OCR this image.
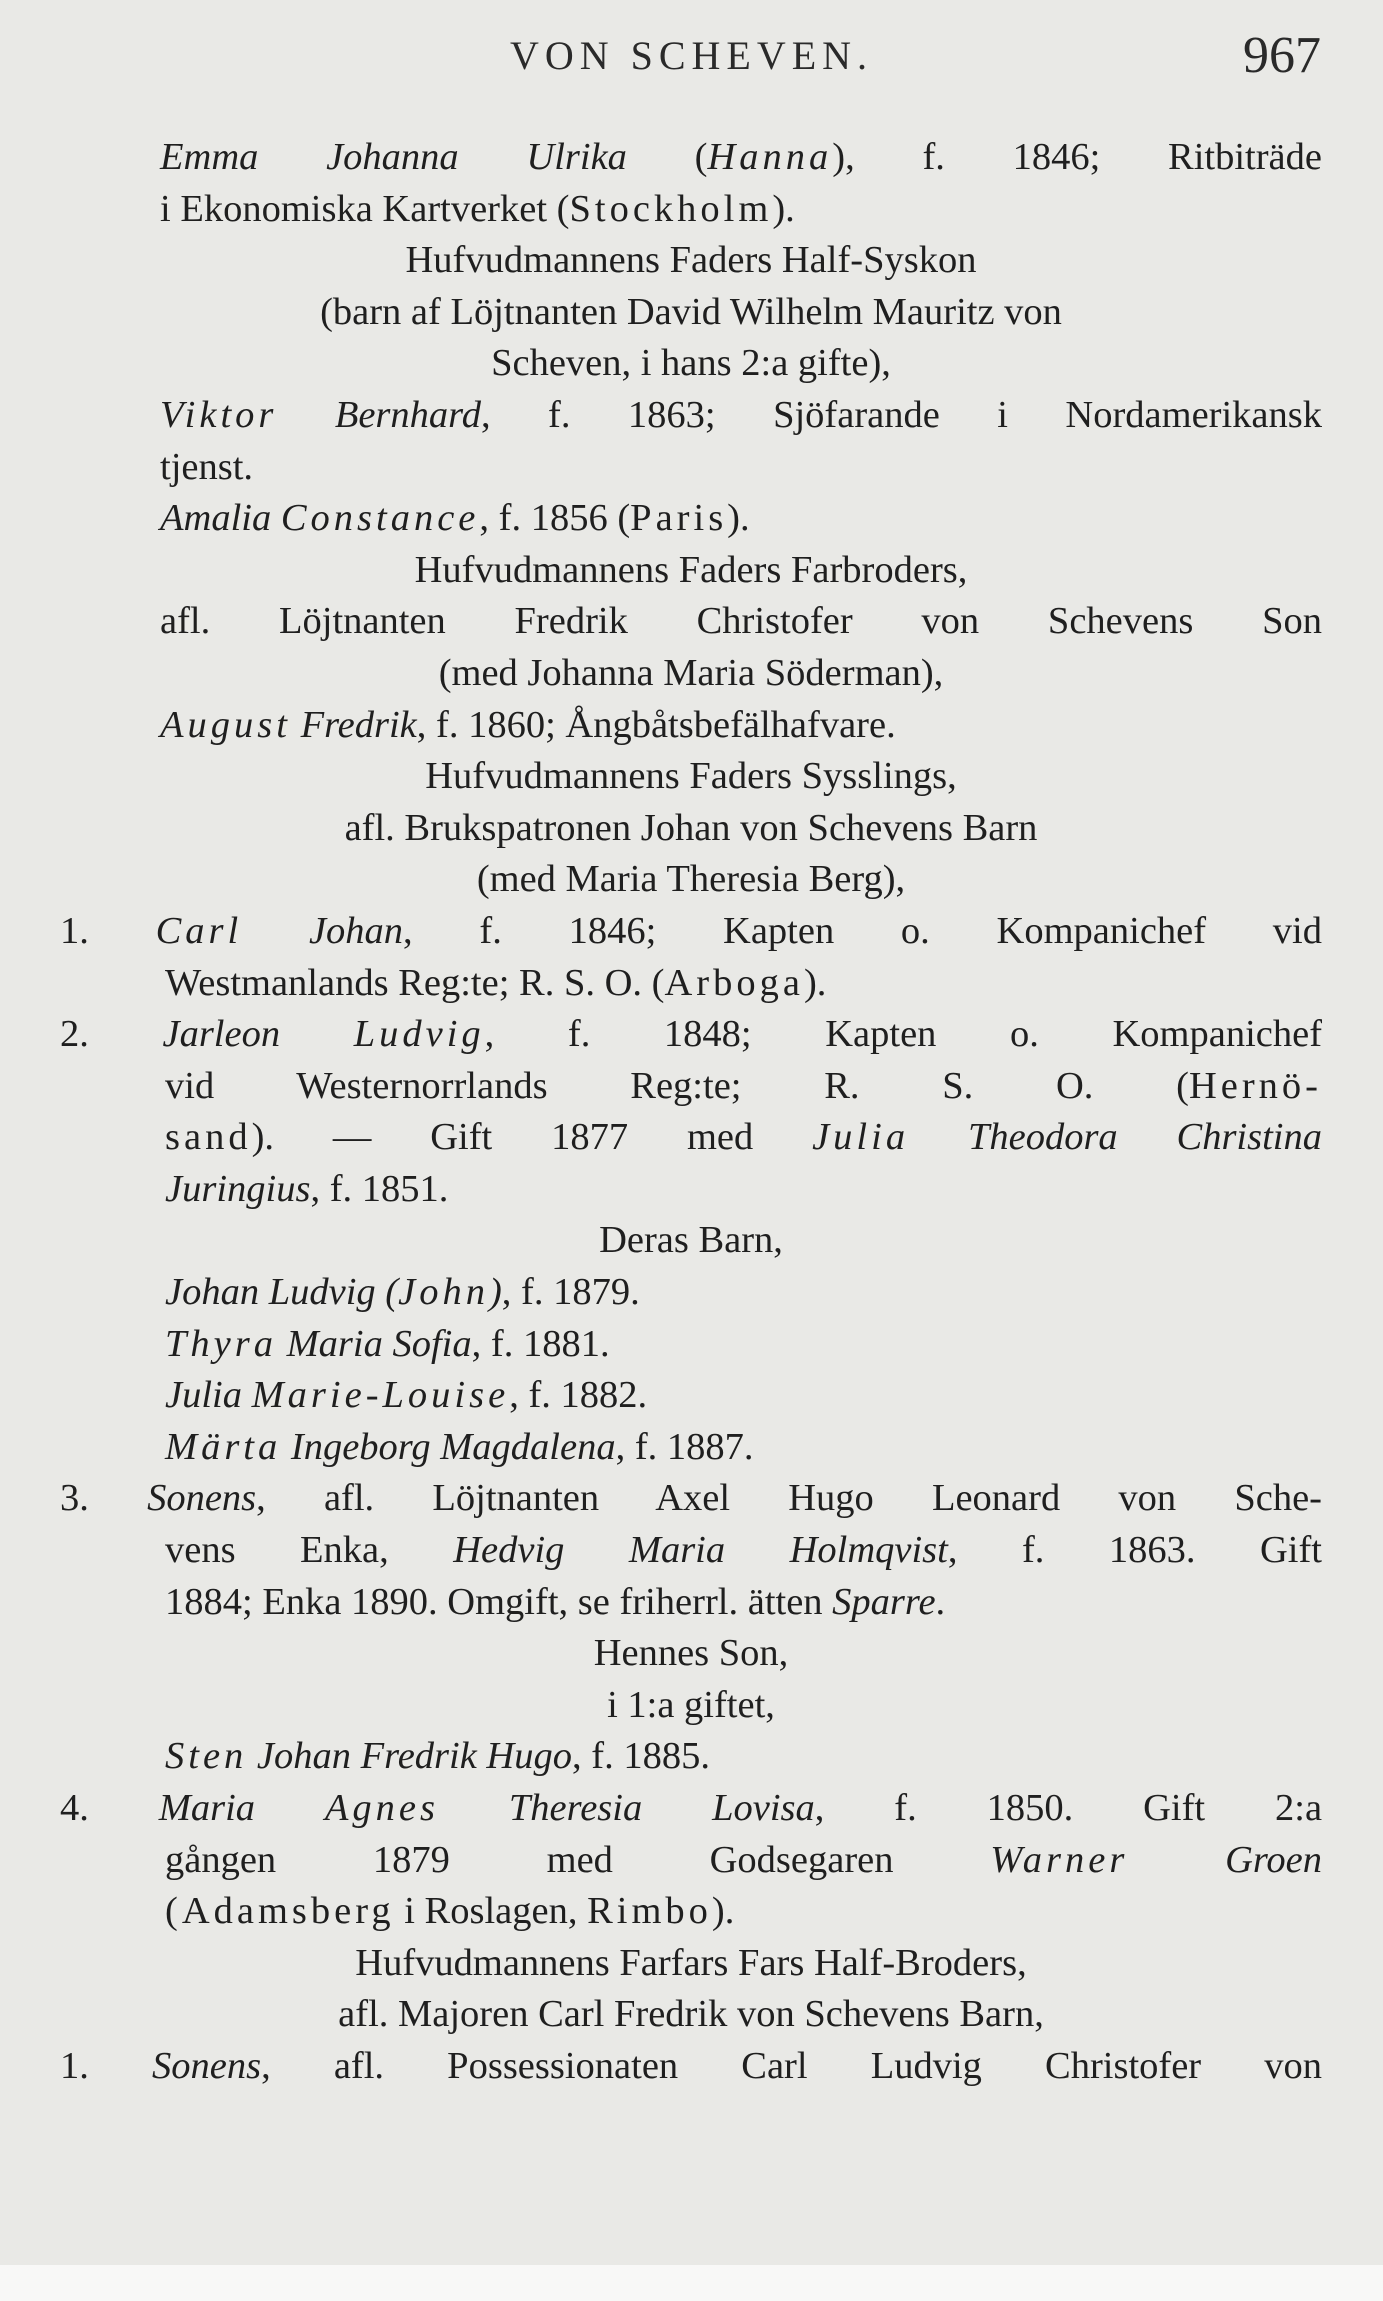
VON SCHEVEN.	967
Emma Johanna Ulrika (Hanna), f. 1846; Ritbiträde
i Ekonomiska Kartverket (Stockholm).
Hufvudmannens Faders Half-Syskon
(barn af Löjtnanten David Wilhelm Mauritz von
Scheven, i hans 2:a gifte),
Viktor Bernhard, f. 1863; Sjöfarande i Nordamerikansk
tjenst.
Amalia Constance, f. 1856 (Paris).
Hufvudmannens Faders Farbroders,
afl. Löjtnanten Fredrik Christofer von Schevens Son
(med Johanna Maria Söderman),
August Fredrik, f. 1860; Ångbåtsbefälhafvare.
Hufvudmannens Faders Sysslings,
afl. Brukspatronen Johan von Schevens Barn
(med Maria Theresia Berg),
1. Carl Johan, f. 1846; Kapten o. Kompanichef vid
Westmanlands Reg:te; R. S. O. (Arboga).
2. Jarleon Ludvig, f. 1848; Kapten o. Kompanichef
vid Westernorrlands Reg:te; R. S. O. (Hernö-
sand). — Gift 1877 med Julia Theodora Christina
Juringius, f. 1851.
Deras Barn,
Johan Ludvig (John), f. 1879.
Thyra Maria Sofia, f. 1881.
Julia Marie-Louise, f. 1882.
Märta Ingeborg Magdalena, f. 1887.
3. Sonens, afl. Löjtnanten Axel Hugo Leonard von Sche-
vens Enka, Hedvig Maria Holmqvist, f. 1863. Gift
1884; Enka 1890. Omgift, se friherrl. ätten Sparre.
Hennes Son,
i 1:a giftet,
Sten Johan Fredrik Hugo, f. 1885.
4. Maria Agnes Theresia Lovisa, f. 1850. Gift 2:a
gången 1879 med Godsegaren Warner	Groen
(Adamsberg i Roslagen, Rimbo).
Hufvudmannens Farfars Fars Half-Broders,
afl. Majoren Carl Fredrik von Schevens Barn,
1. Sonens, afl. Possessionaten Carl Ludvig Christofer von
